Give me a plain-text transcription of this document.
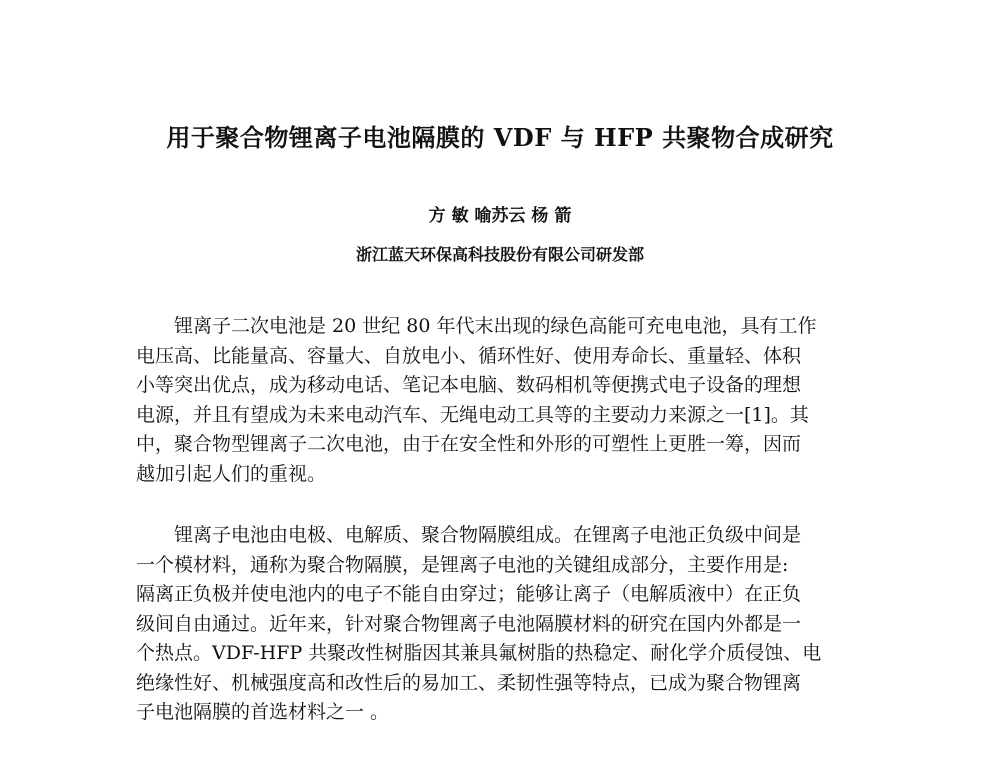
用于聚合物锂离子电池隔膜的 VDF 与 HFP 共聚物合成研究
方 敏 喻苏云 杨 箭
浙江蓝天环保高科技股份有限公司研发部
　　锂离子二次电池是 20 世纪 80 年代末出现的绿色高能可充电电池，具有工作
电压高、比能量高、容量大、自放电小、循环性好、使用寿命长、重量轻、体积
小等突出优点，成为移动电话、笔记本电脑、数码相机等便携式电子设备的理想
电源，并且有望成为未来电动汽车、无绳电动工具等的主要动力来源之一[1]。其
中，聚合物型锂离子二次电池，由于在安全性和外形的可塑性上更胜一筹，因而
越加引起人们的重视。
　　锂离子电池由电极、电解质、聚合物隔膜组成。在锂离子电池正负级中间是
一个模材料，通称为聚合物隔膜，是锂离子电池的关键组成部分，主要作用是:
隔离正负极并使电池内的电子不能自由穿过；能够让离子（电解质液中）在正负
级间自由通过。近年来，针对聚合物锂离子电池隔膜材料的研究在国内外都是一
个热点。VDF-HFP 共聚改性树脂因其兼具氟树脂的热稳定、耐化学介质侵蚀、电
绝缘性好、机械强度高和改性后的易加工、柔韧性强等特点，已成为聚合物锂离
子电池隔膜的首选材料之一 。
